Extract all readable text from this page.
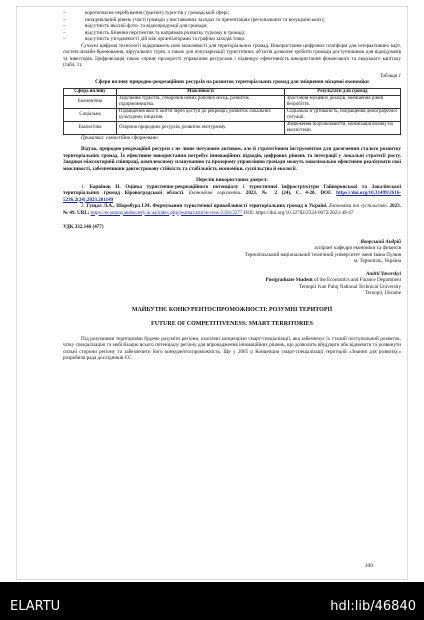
–	короткочасне перебування (транзит) туристів у громадській сфері;
–	незадовільний рівень участі громади у виставкових заходах та презентаціях (регіональних та всеукраїнських);
–	відсутність якісної фото- та відеопродукції для громади;
–	відсутність бачення перспектив та напрямків розвитку туризму в громаді;
–	відсутність узгодженості дій між організаторами та графіки заходів тощо.

Сучасні цифрові технології відкривають нові можливості для територіальних громад. Використання цифрових платформ для інтерактивних карт, систем онлайн-бронювання, віртуальних турів, а також для популяризації туристичних об'єктів дозволяє зробити громади доступнішими для відвідувачів та інвесторів. Цифровізація також сприяє прозорості управління ресурсами і підвищує ефективність використання фінансового та людського капіталу (табл. 1).

Таблиця 1

Сфери впливу природно-рекреаційних ресурсів на розвиток територіальних громад для зміцнення місцевої економіки

Сфера впливу	Можливості	Результати для громад
Економічна	Залучення туристів, створення нових робочих місць, розвиток підприємництва.	Зростання місцевих доходів, зменшення рівня безробіття.
Соціальна	Підвищення якості життя через доступ до рекреації, розвиток локальних культурних ініціатив.	Соціальна згуртованість, покращення демографічної ситуації.
Екологічна	Охорона природних ресурсів, розвиток екотуризму.	Збереження біорізноманіття, мінімізація впливу на екосистеми.

Примітка: самостійно сформовано

Відтак, природно-рекреаційні ресурси є не лише потужним активом, але й стратегічним інструментом для досягнення сталого розвитку територіальних громад. Їх ефективне використання потребує інноваційних підходів, цифрових рішень та інтеграції у локальні стратегії росту. Завдяки міжсекторній співпраці, комплексному плануванню та прозорому управлінню громади можуть максимально ефективно реалізувати свої можливості, забезпечивши довгострокову стійкість та стабільність економіки, суспільства й екології.

Перелік використаних джерел:

1. Барвінок Н. Оцінка туристично-рекреаційного потенціалу і туристичної інфраструктури Гайворонської та Завалівської територіальних громад Кіровоградської області. Економічні горизонти. 2023. № 2 (24), С. 4-20. DOI: https://doi.org/10.31499/2616-5236.2(24).2023.281149

2. Гущал Л.А., Шоробура І.М. Формування туристичної привабливості територіальних громад в Україні. Економіка та суспільство. 2023. № 49. URL: https://economyandsociety.in.ua/index.php/journal/article/view/2356/2277 DOI: https://doi.org/10.32782/2524-0072/2023-49-47

УДК 332.146 (477)

Яворський Андрій

аспірант кафедри економіки та фінансів

Тернопільський національний технічний університет імені Івана Пулюя

м. Тернопіль, Україна

Andrii Yavorskyi

Postgraduate Student of the Economics and Finance Department

Ternopil Ivan Puluj National Technical University

Ternopil, Ukraine

МАЙБУТНЄ КОНКУРЕНТОСПРОМОЖНОСТІ: РОЗУМНІ ТЕРИТОРІЇ

FUTURE OF COMPETITIVENESS: SMART TERRITORIES

Під розумними територіями будемо розуміти регіони, охоплені концепцією смарт-спеціалізації, яка забезпечує їх сталий поступальний розвиток, чітку спеціалізацію та мобілізацію всього потенціалу регіону для впровадження інноваційних рішень, що дозволить вбудувати або відновити та розвинути сильні сторони регіону та забезпечити його конкурентоспроможність. Ще у 2005 р Концепцію смарт-спеціалізації територій «Знання для розвитку» розробила рада дослідників ЄС.

100
ELARTU	hdl:lib/46840
